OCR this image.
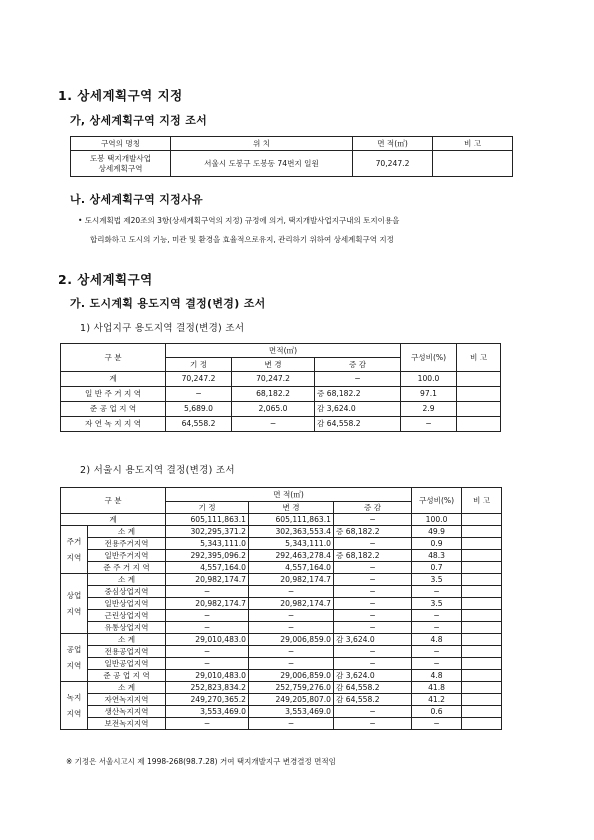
1. 상세계획구역 지정
가, 상세계획구역 지정 조서
구역의 명칭	위 치	면 적(㎡)	비 고

도봉 택지개발사업
상세계획구역	서울시 도봉구 도봉동 74번지 일원	70,247.2	
나. 상세계획구역 지정사유
• 도시계획법 제20조의 3항(상세계획구역의 지정) 규정에 의거, 택지개발사업지구내의 토지이용을
합리화하고 도시의 기능, 미관 및 환경을 효율적으로유지, 관리하기 위하여 상세계획구역 지정
2. 상세계획구역
가. 도시계획 용도지역 결정(변경) 조서
1) 사업지구 용도지역 결정(변경) 조서
구 분	면적(㎡)			구성비(%)	비 고
	기 정	변 경	증 감		
계	70,247.2	70,247.2	−	100.0	
일 반 주 거 지 역	−	68,182.2	증 68,182.2	97.1	
준 공 업 지 역	5,689.0	2,065.0	감 3,624.0	2.9	
자 연 녹 지 지 역	64,558.2	−	감 64,558.2	−	
2) 서울시 용도지역 결정(변경) 조서
구 분		면 적(㎡)			구성비(%)	비 고
		기 정	변 경	증 감		
계		605,111,863.1	605,111,863.1	−	100.0	

주거
지역	소 계	302,295,371.2	302,363,553.4	증 68,182.2	49.9	
	전용주거지역	5,343,111.0	5,343,111.0	−	0.9	
	일반주거지역	292,395,096.2	292,463,278.4	증 68,182.2	48.3	
	준 주 거 지 역	4,557,164.0	4,557,164.0	−	0.7	

상업
지역	소 계	20,982,174.7	20,982,174.7	−	3.5	
	중심상업지역	−	−	−	−	
	일반상업지역	20,982,174.7	20,982,174.7	−	3.5	
	근린상업지역	−	−	−	−	
	유통상업지역	−	−	−	−	

공업
지역	소 계	29,010,483.0	29,006,859.0	감 3,624.0	4.8	
	전용공업지역	−	−	−	−	
	일반공업지역	−	−	−	−	
	준 공 업 지 역	29,010,483.0	29,006,859.0	감 3,624.0	4.8	

녹지
지역	소 계	252,823,834.2	252,759,276.0	감 64,558.2	41.8	
	자연녹지지역	249,270,365.2	249,205,807.0	감 64,558.2	41.2	
	생산녹지지역	3,553,469.0	3,553,469.0	−	0.6	
	보전녹지지역	−	−	−	−	
※ 기정은 서울시고시 제 1998-268(98.7.28) 거여 택지개발지구 변경결정 면적임
